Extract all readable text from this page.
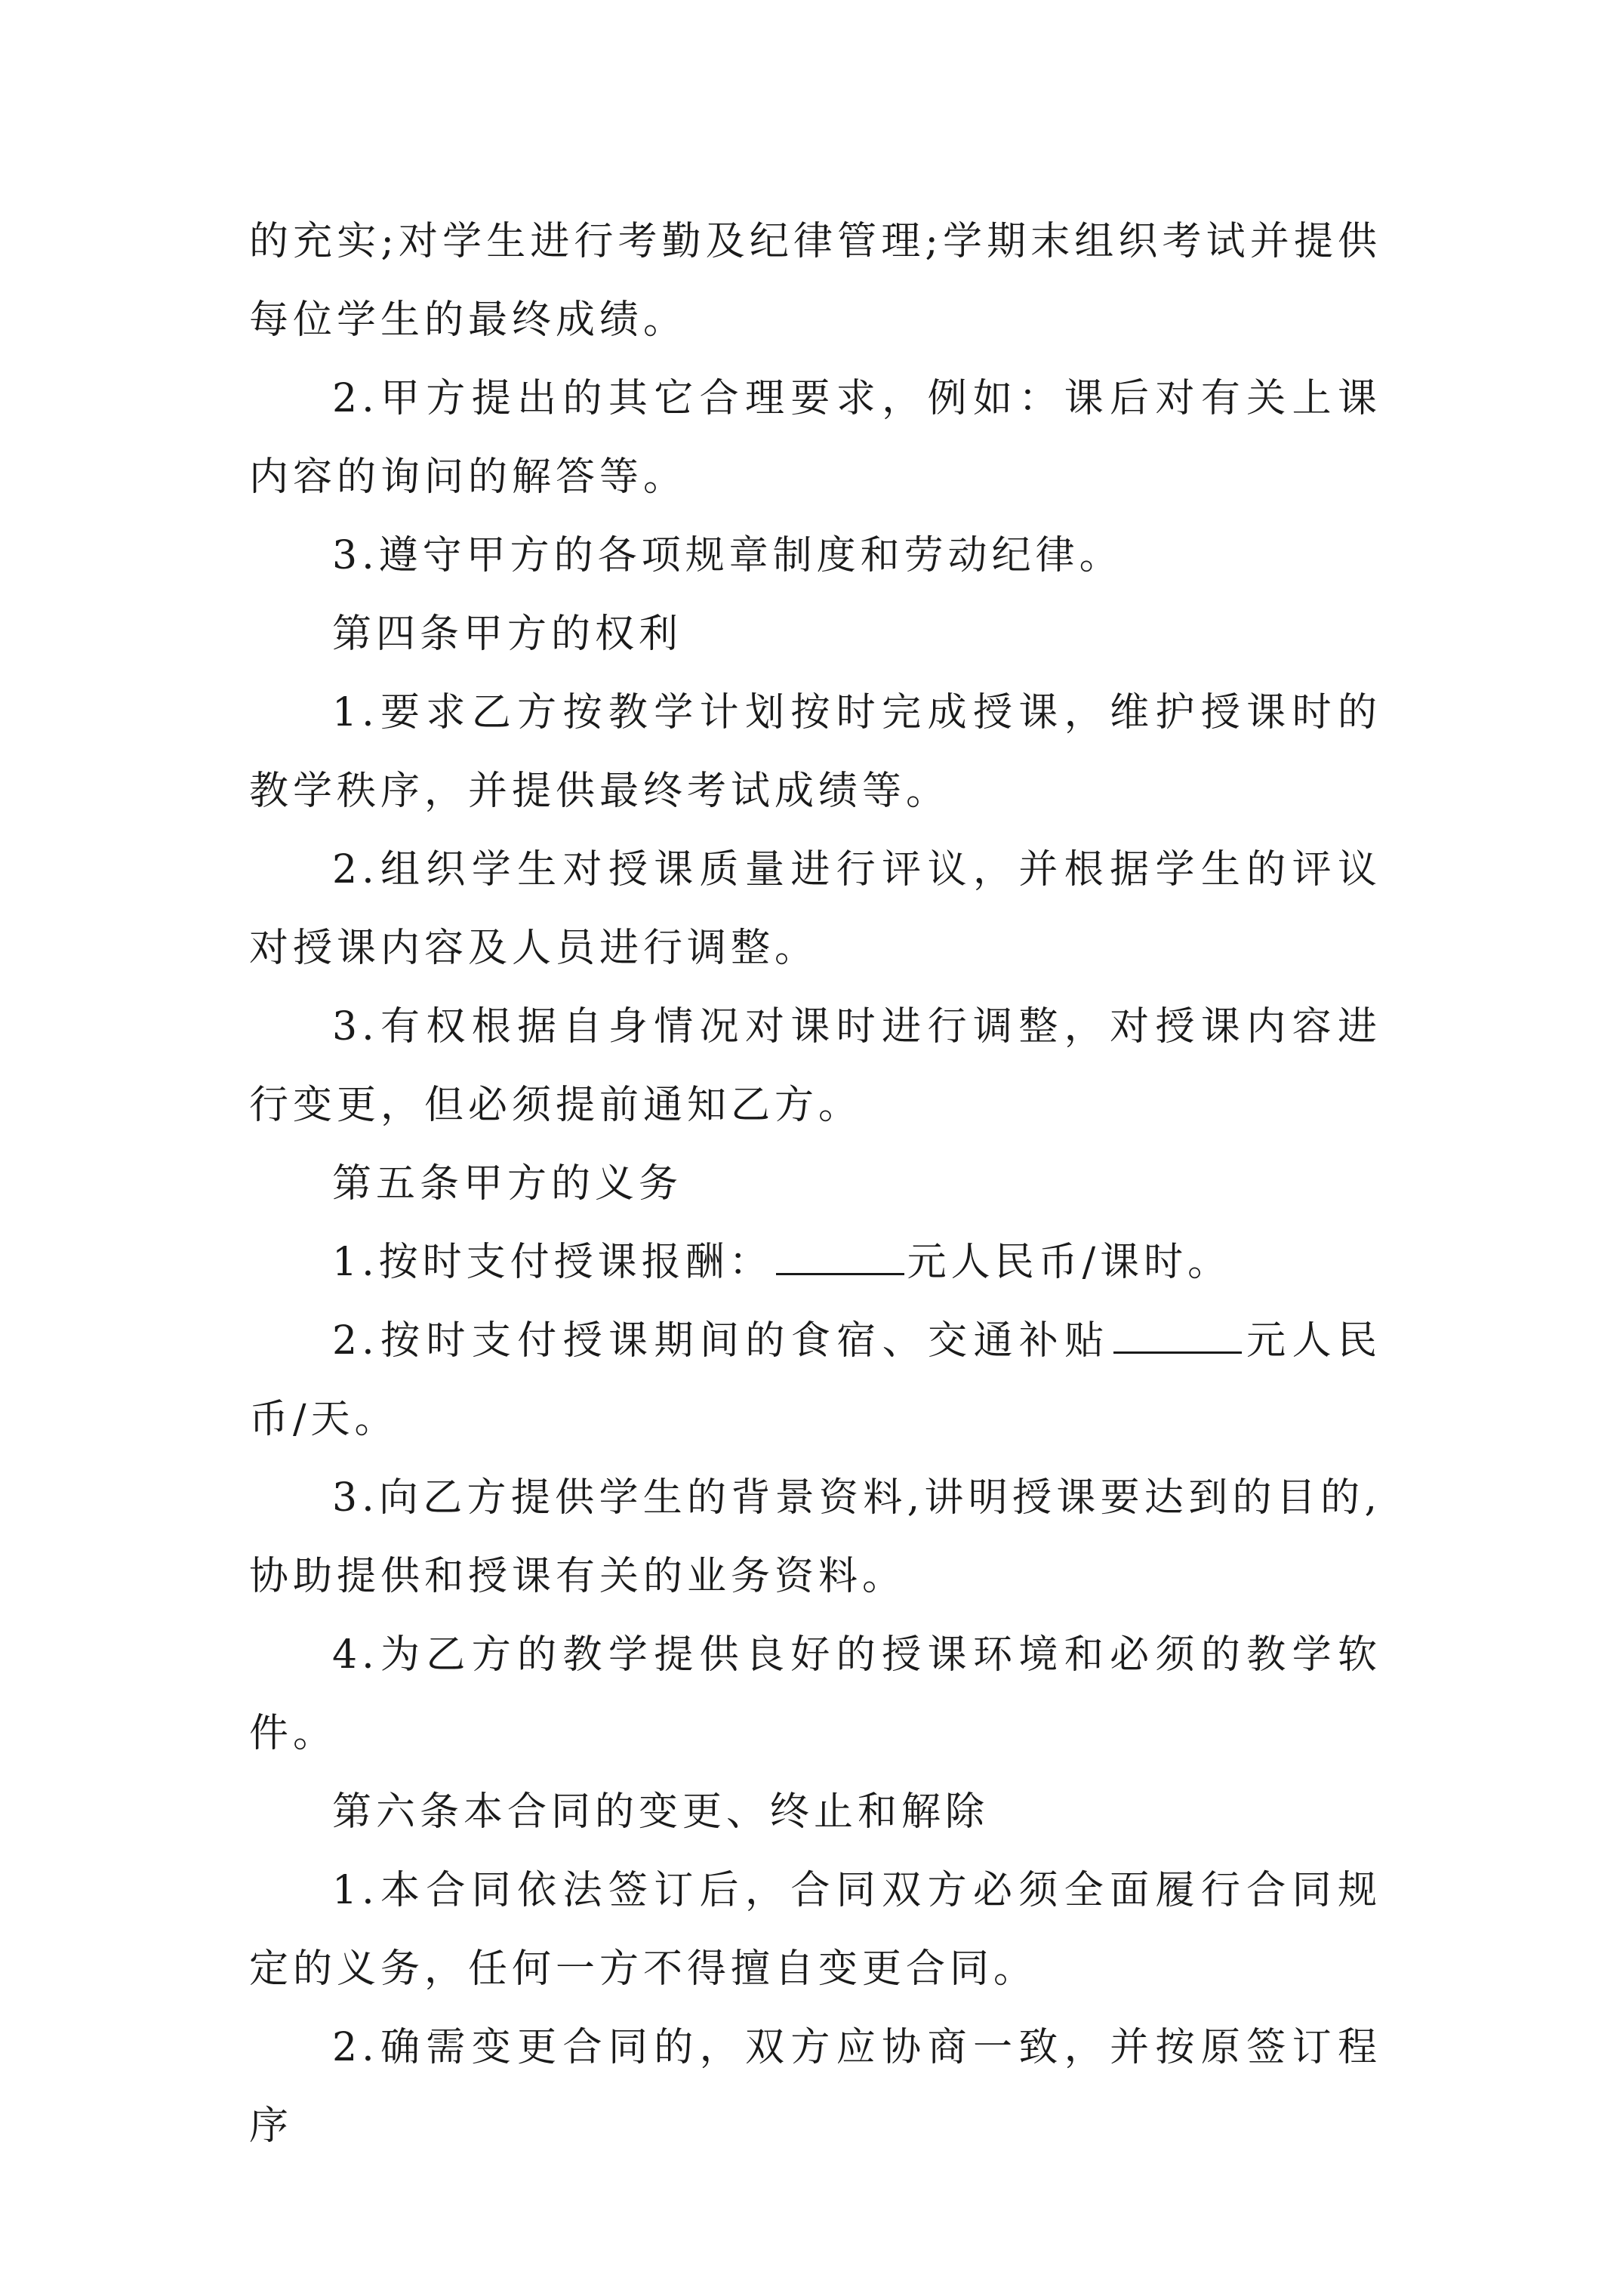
的充实;对学生进行考勤及纪律管理;学期末组织考试并提供每位学生的最终成绩。

2.甲方提出的其它合理要求，例如：课后对有关上课内容的询问的解答等。

3.遵守甲方的各项规章制度和劳动纪律。

第四条甲方的权利

1.要求乙方按教学计划按时完成授课，维护授课时的教学秩序，并提供最终考试成绩等。

2.组织学生对授课质量进行评议，并根据学生的评议对授课内容及人员进行调整。

3.有权根据自身情况对课时进行调整，对授课内容进行变更，但必须提前通知乙方。

第五条甲方的义务

1.按时支付授课报酬：	元人民币/课时。

2.按时支付授课期间的食宿、交通补贴	元人民币/天。

3.向乙方提供学生的背景资料,讲明授课要达到的目的,协助提供和授课有关的业务资料。

4.为乙方的教学提供良好的授课环境和必须的教学软件。

第六条本合同的变更、终止和解除

1.本合同依法签订后，合同双方必须全面履行合同规定的义务，任何一方不得擅自变更合同。

2.确需变更合同的，双方应协商一致，并按原签订程序
